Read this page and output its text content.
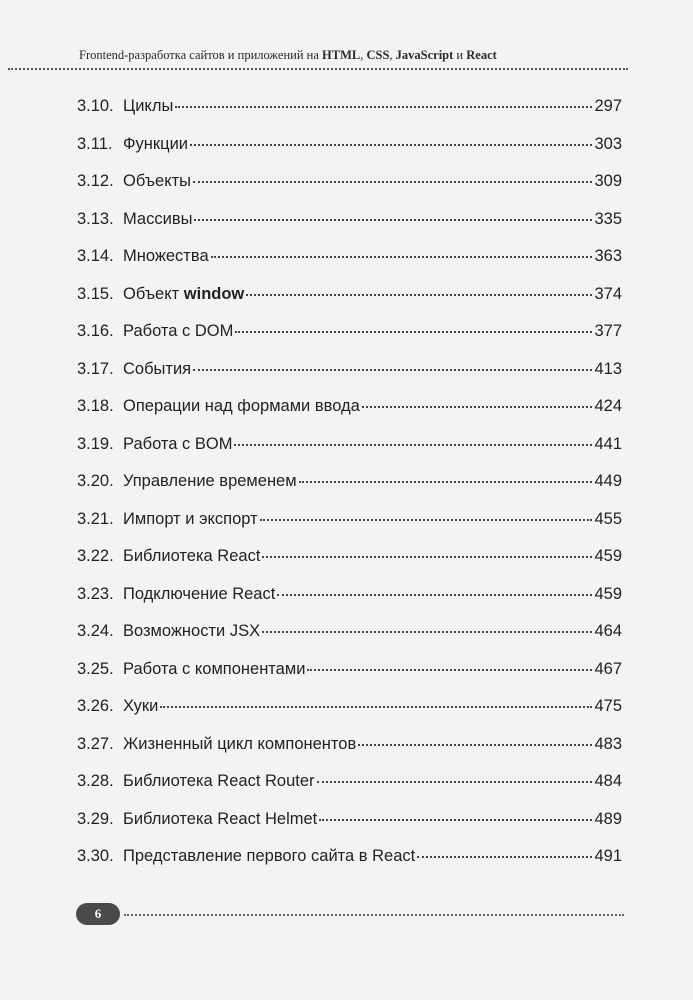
Frontend-разработка сайтов и приложений на HTML, CSS, JavaScript и React
3.10. Циклы	297
3.11. Функции	303
3.12. Объекты	309
3.13. Массивы	335
3.14. Множества	363
3.15. Объект window	374
3.16. Работа с DOM	377
3.17. События	413
3.18. Операции над формами ввода	424
3.19. Работа с BOM	441
3.20. Управление временем	449
3.21. Импорт и экспорт	455
3.22. Библиотека React	459
3.23. Подключение React	459
3.24. Возможности JSX	464
3.25. Работа с компонентами	467
3.26. Хуки	475
3.27. Жизненный цикл компонентов	483
3.28. Библиотека React Router	484
3.29. Библиотека React Helmet	489
3.30. Представление первого сайта в React	491
6
